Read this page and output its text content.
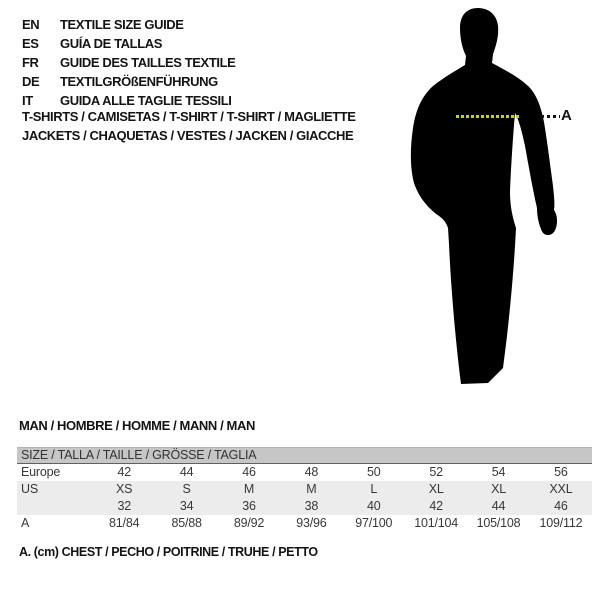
EN	TEXTILE SIZE GUIDE
ES	GUÍA DE TALLAS
FR	GUIDE DES TAILLES TEXTILE
DE	TEXTILGRÖßENFÜHRUNG
IT	GUIDA ALLE TAGLIE TESSILI
T-SHIRTS / CAMISETAS / T-SHIRT / T-SHIRT / MAGLIETTE
JACKETS / CHAQUETAS / VESTES / JACKEN / GIACCHE
A
MAN / HOMBRE / HOMME / MANN / MAN
SIZE / TALLA / TAILLE / GRÖSSE / TAGLIA								
Europe	42	44	46	48	50	52	54	56
US	XS	S	M	M	L	XL	XL	XXL
	32	34	36	38	40	42	44	46
A	81/84	85/88	89/92	93/96	97/100	101/104	105/108	109/112

A. (cm) CHEST / PECHO / POITRINE / TRUHE / PETTO
